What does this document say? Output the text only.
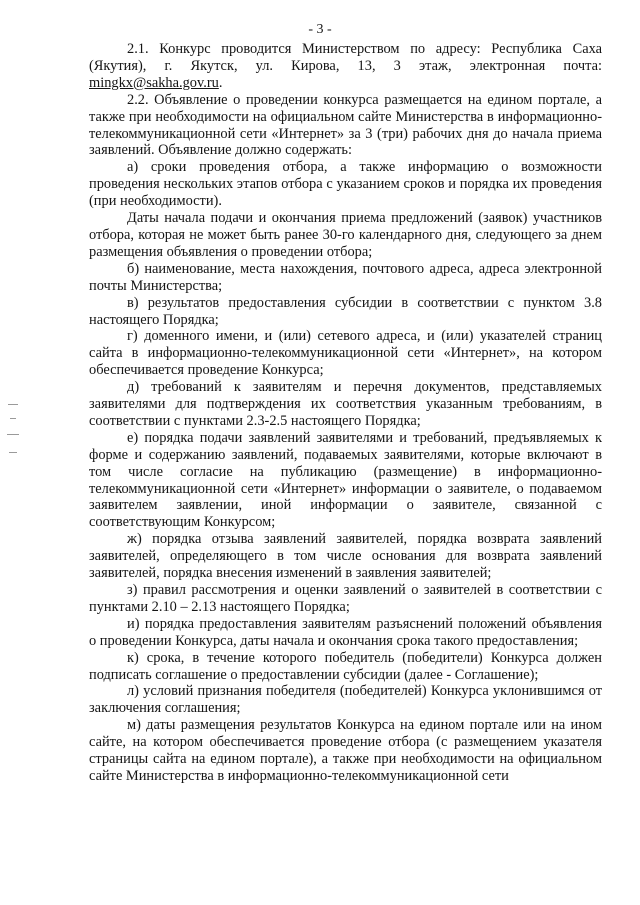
- 3 -

2.1. Конкурс проводится Министерством по адресу: Республика Саха (Якутия), г. Якутск, ул. Кирова, 13, 3 этаж, электронная почта: mingkx@sakha.gov.ru.

2.2. Объявление о проведении конкурса размещается на едином портале, а также при необходимости на официальном сайте Министерства в информационно-телекоммуникационной сети «Интернет» за 3 (три) рабочих дня до начала приема заявлений. Объявление должно содержать:

а) сроки проведения отбора, а также информацию о возможности проведения нескольких этапов отбора с указанием сроков и порядка их проведения (при необходимости).

Даты начала подачи и окончания приема предложений (заявок) участников отбора, которая не может быть ранее 30-го календарного дня, следующего за днем размещения объявления о проведении отбора;

б) наименование, места нахождения, почтового адреса, адреса электронной почты Министерства;

в) результатов предоставления субсидии в соответствии с пунктом 3.8 настоящего Порядка;

г) доменного имени, и (или) сетевого адреса, и (или) указателей страниц сайта в информационно-телекоммуникационной сети «Интернет», на котором обеспечивается проведение Конкурса;

д) требований к заявителям и перечня документов, представляемых заявителями для подтверждения их соответствия указанным требованиям, в соответствии с пунктами 2.3-2.5 настоящего Порядка;

е) порядка подачи заявлений заявителями и требований, предъявляемых к форме и содержанию заявлений, подаваемых заявителями, которые включают в том числе согласие на публикацию (размещение) в информационно-телекоммуникационной сети «Интернет» информации о заявителе, о подаваемом заявителем заявлении, иной информации о заявителе, связанной с соответствующим Конкурсом;

ж) порядка отзыва заявлений заявителей, порядка возврата заявлений заявителей, определяющего в том числе основания для возврата заявлений заявителей, порядка внесения изменений в заявления заявителей;

з) правил рассмотрения и оценки заявлений о заявителей в соответствии с пунктами 2.10 – 2.13 настоящего Порядка;

и) порядка предоставления заявителям разъяснений положений объявления о проведении Конкурса, даты начала и окончания срока такого предоставления;

к) срока, в течение которого победитель (победители) Конкурса должен подписать соглашение о предоставлении субсидии (далее - Соглашение);

л) условий признания победителя (победителей) Конкурса уклонившимся от заключения соглашения;

м) даты размещения результатов Конкурса на едином портале или на ином сайте, на котором обеспечивается проведение отбора (с размещением указателя страницы сайта на едином портале), а также при необходимости на официальном сайте Министерства в информационно-телекоммуникационной сети
